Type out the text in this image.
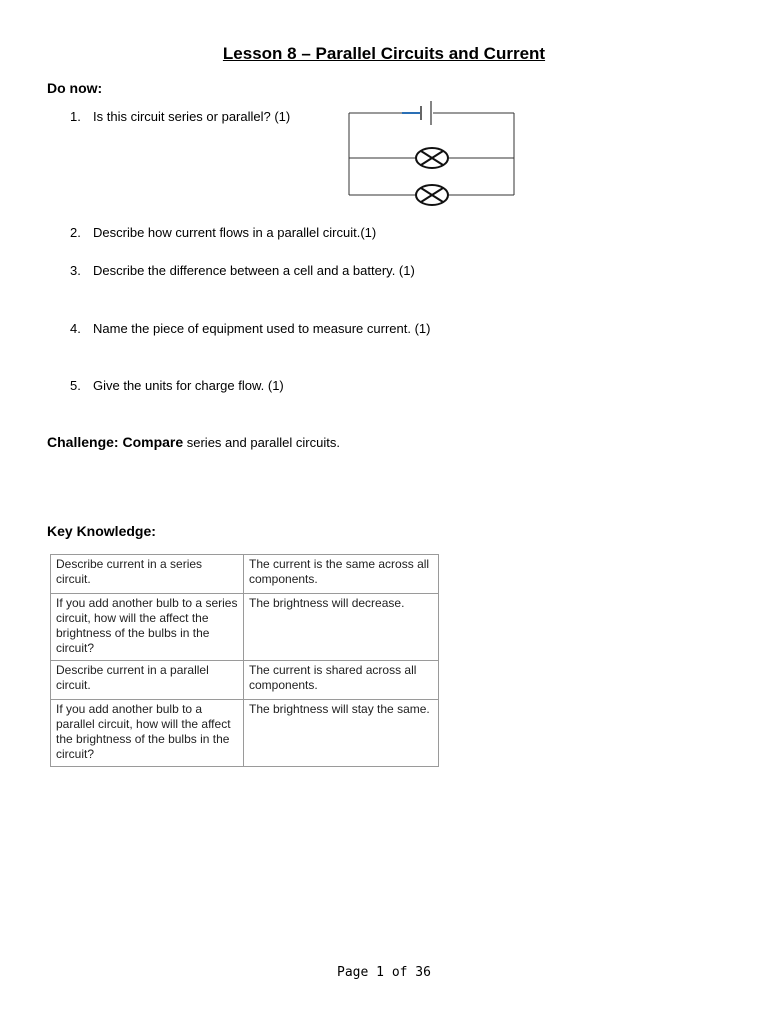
Lesson 8 – Parallel Circuits and Current
Do now:
1. Is this circuit series or parallel? (1)
2. Describe how current flows in a parallel circuit.(1)
3. Describe the difference between a cell and a battery. (1)
4. Name the piece of equipment used to measure current. (1)
5. Give the units for charge flow. (1)
Challenge: Compare series and parallel circuits.
Key Knowledge:
Describe current in a series circuit.	The current is the same across all components.
If you add another bulb to a series circuit, how will the affect the brightness of the bulbs in the circuit?	The brightness will decrease.
Describe current in a parallel circuit.	The current is shared across all components.
If you add another bulb to a parallel circuit, how will the affect the brightness of the bulbs in the circuit?	The brightness will stay the same.
Page 1 of 36
